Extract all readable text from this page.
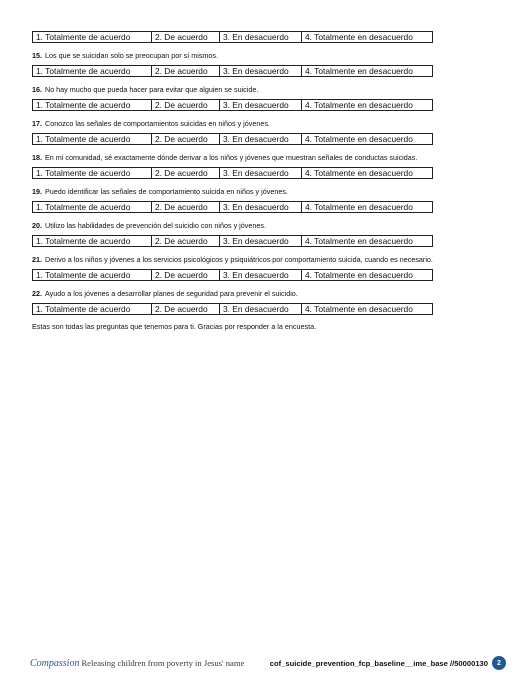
1. Totalmente de acuerdo	2. De acuerdo	3. En desacuerdo	4. Totalmente en desacuerdo
15. Los que se suicidan solo se preocupan por sí mismos.
1. Totalmente de acuerdo	2. De acuerdo	3. En desacuerdo	4. Totalmente en desacuerdo
16. No hay mucho que pueda hacer para evitar que alguien se suicide.
1. Totalmente de acuerdo	2. De acuerdo	3. En desacuerdo	4. Totalmente en desacuerdo
17. Conozco las señales de comportamientos suicidas en niños y jóvenes.
1. Totalmente de acuerdo	2. De acuerdo	3. En desacuerdo	4. Totalmente en desacuerdo
18. En mi comunidad, sé exactamente dónde derivar a los niños y jóvenes que muestran señales de conductas suicidas.
1. Totalmente de acuerdo	2. De acuerdo	3. En desacuerdo	4. Totalmente en desacuerdo
19. Puedo identificar las señales de comportamiento suicida en niños y jóvenes.
1. Totalmente de acuerdo	2. De acuerdo	3. En desacuerdo	4. Totalmente en desacuerdo
20. Utilizo las habilidades de prevención del suicidio con niños y jóvenes.
1. Totalmente de acuerdo	2. De acuerdo	3. En desacuerdo	4. Totalmente en desacuerdo
21. Derivo a los niños y jóvenes a los servicios psicológicos y psiquiátricos por comportamiento suicida, cuando es necesario.
1. Totalmente de acuerdo	2. De acuerdo	3. En desacuerdo	4. Totalmente en desacuerdo
22. Ayudo a los jóvenes a desarrollar planes de seguridad para prevenir el suicidio.
1. Totalmente de acuerdo	2. De acuerdo	3. En desacuerdo	4. Totalmente en desacuerdo
Estas son todas las preguntas que tenemos para ti. Gracias por responder a la encuesta.
Compassion Releasing children from poverty in Jesus' name	cof_suicide_prevention_fcp_baseline__ime_base //50000130	2
